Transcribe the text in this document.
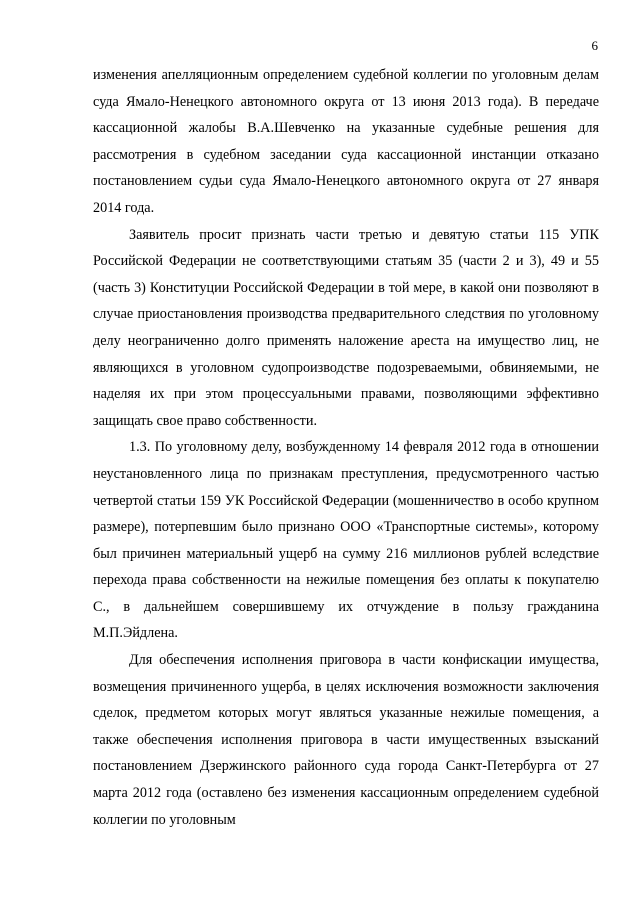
6

изменения апелляционным определением судебной коллегии по уголовным делам суда Ямало-Ненецкого автономного округа от 13 июня 2013 года). В передаче кассационной жалобы В.А.Шевченко на указанные судебные решения для рассмотрения в судебном заседании суда кассационной инстанции отказано постановлением судьи суда Ямало-Ненецкого автономного округа от 27 января 2014 года.

Заявитель просит признать части третью и девятую статьи 115 УПК Российской Федерации не соответствующими статьям 35 (части 2 и 3), 49 и 55 (часть 3) Конституции Российской Федерации в той мере, в какой они позволяют в случае приостановления производства предварительного следствия по уголовному делу неограниченно долго применять наложение ареста на имущество лиц, не являющихся в уголовном судопроизводстве подозреваемыми, обвиняемыми, не наделяя их при этом процессуальными правами, позволяющими эффективно защищать свое право собственности.

1.3. По уголовному делу, возбужденному 14 февраля 2012 года в отношении неустановленного лица по признакам преступления, предусмотренного частью четвертой статьи 159 УК Российской Федерации (мошенничество в особо крупном размере), потерпевшим было признано ООО «Транспортные системы», которому был причинен материальный ущерб на сумму 216 миллионов рублей вследствие перехода права собственности на нежилые помещения без оплаты к покупателю С., в дальнейшем совершившему их отчуждение в пользу гражданина М.П.Эйдлена.

Для обеспечения исполнения приговора в части конфискации имущества, возмещения причиненного ущерба, в целях исключения возможности заключения сделок, предметом которых могут являться указанные нежилые помещения, а также обеспечения исполнения приговора в части имущественных взысканий постановлением Дзержинского районного суда города Санкт-Петербурга от 27 марта 2012 года (оставлено без изменения кассационным определением судебной коллегии по уголовным
